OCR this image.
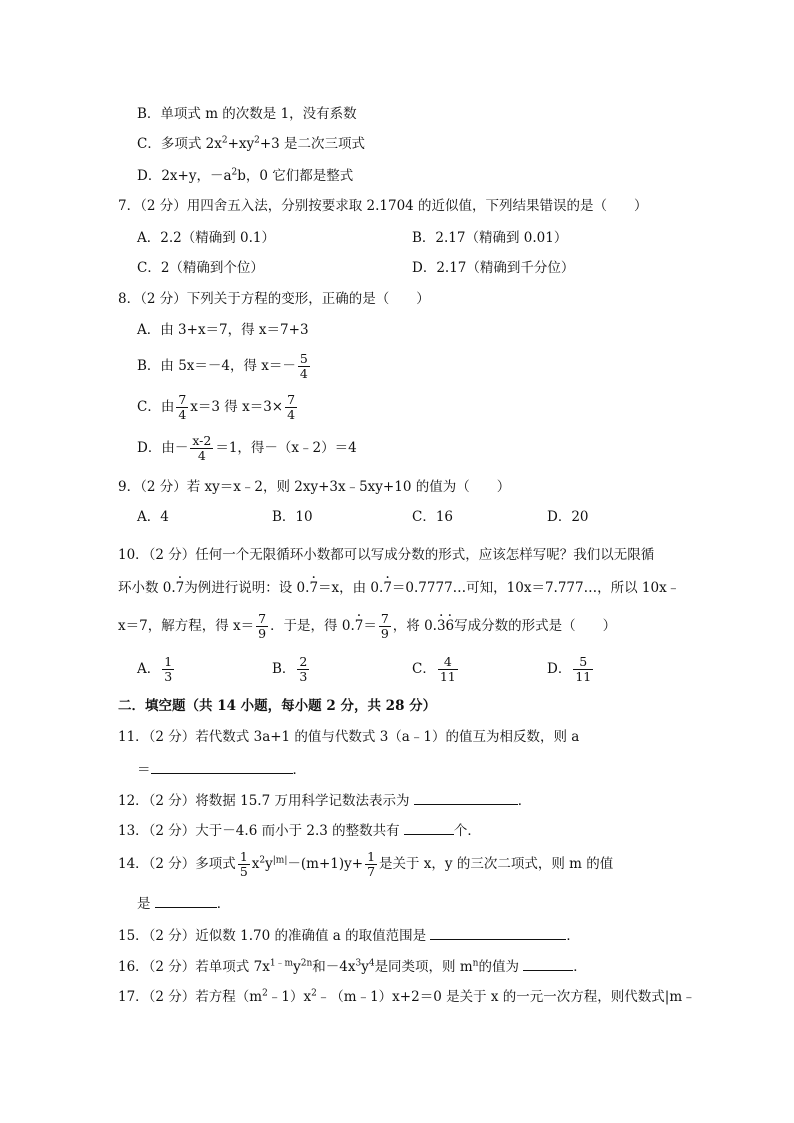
B．单项式 m 的次数是 1，没有系数
C．多项式 $2x^2+xy^2+3$ 是二次三项式
D．2x+y，$-a^2b$，0 它们都是整式
7．（2 分）用四舍五入法，分别按要求取 2.1704 的近似值，下列结果错误的是（　　）
A．2.2（精确到 0.1）	B．2.17（精确到 0.01）
C．2（精确到个位）	D．2.17（精确到千分位）
8．（2 分）下列关于方程的变形，正确的是（　　）
A．由 3+x＝7，得 x＝7+3
B．由 5x＝－4，得 $x=- \frac{5}{4}$
C．由 $\frac{7}{4} x=3$ 得 $x=3\times \frac{7}{4}$
D．由－ $\frac{x-2}{4} =1$，得－（x﹣2）＝4
9．（2 分）若 xy＝x﹣2，则 2xy+3x﹣5xy+10 的值为（　　）
A．4	B．10	C．16	D．20
10．（2 分）任何一个无限循环小数都可以写成分数的形式，应该怎样写呢？我们以无限循
环小数 0.· 7为例进行说明：设 0.· 7＝x，由 0.· 7＝0.7777…可知，10x＝7.777…，所以 10x﹣
x＝7，解方程，得 $x= \frac{7}{9}$ ．于是，得 $0.\cdot 7= \frac{7}{9}$ ，将 0.· 3· 6写成分数的形式是（　　）
A． $\frac{1}{3}$	B． $\frac{2}{3}$	C． $\frac{4}{11}$	D． $\frac{5}{11}$
二．填空题（共 14 小题，每小题 2 分，共 28 分）
11．（2 分）若代数式 3a+1 的值与代数式 3（a﹣1）的值互为相反数，则 a
＝	．
12．（2 分）将数据 15.7 万用科学记数法表示为	．
13．（2 分）大于－4.6 而小于 2.3 的整数共有	个．
14．（2 分）多项式 $\frac{1}{5} x^2y^{|m|}-(m+1)y+ \frac{1}{7}$ 是关于 x，y 的三次二项式，则 m 的值
是	．
15．（2 分）近似数 1.70 的准确值 a 的取值范围是	．
16．（2 分）若单项式 $7x^{1﹣m}y^{2n}$和$-4x^3y^4$是同类项，则 $m^n$的值为	．
17．（2 分）若方程$(m^2﹣1)x^2﹣(m﹣1)x+2=0$ 是关于 x 的一元一次方程，则代数式|m﹣
